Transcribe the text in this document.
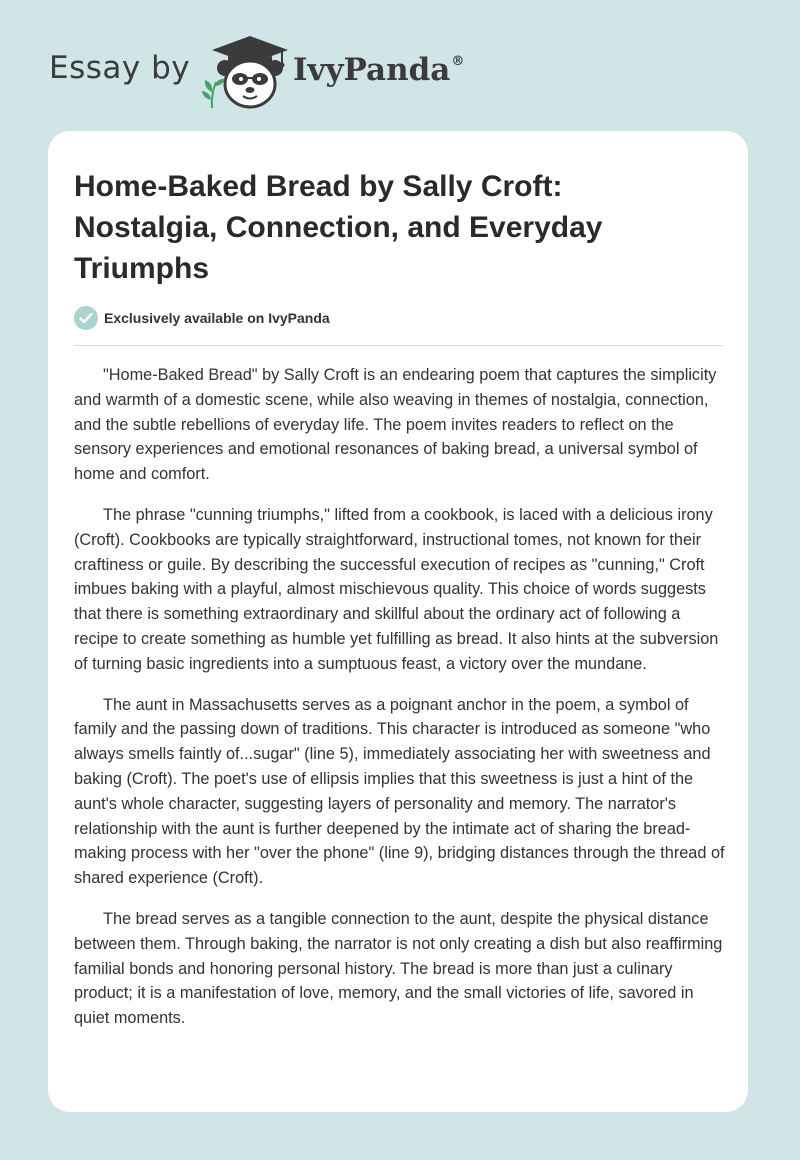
Essay by	IvyPanda®
Home-Baked Bread by Sally Croft: Nostalgia, Connection, and Everyday Triumphs
Exclusively available on IvyPanda

"Home-Baked Bread" by Sally Croft is an endearing poem that captures the simplicity and warmth of a domestic scene, while also weaving in themes of nostalgia, connection, and the subtle rebellions of everyday life. The poem invites readers to reflect on the sensory experiences and emotional resonances of baking bread, a universal symbol of home and comfort.

The phrase "cunning triumphs," lifted from a cookbook, is laced with a delicious irony (Croft). Cookbooks are typically straightforward, instructional tomes, not known for their craftiness or guile. By describing the successful execution of recipes as "cunning," Croft imbues baking with a playful, almost mischievous quality. This choice of words suggests that there is something extraordinary and skillful about the ordinary act of following a recipe to create something as humble yet fulfilling as bread. It also hints at the subversion of turning basic ingredients into a sumptuous feast, a victory over the mundane.

The aunt in Massachusetts serves as a poignant anchor in the poem, a symbol of family and the passing down of traditions. This character is introduced as someone "who always smells faintly of...sugar" (line 5), immediately associating her with sweetness and baking (Croft). The poet's use of ellipsis implies that this sweetness is just a hint of the aunt's whole character, suggesting layers of personality and memory. The narrator's relationship with the aunt is further deepened by the intimate act of sharing the bread-making process with her "over the phone" (line 9), bridging distances through the thread of shared experience (Croft).

The bread serves as a tangible connection to the aunt, despite the physical distance between them. Through baking, the narrator is not only creating a dish but also reaffirming familial bonds and honoring personal history. The bread is more than just a culinary product; it is a manifestation of love, memory, and the small victories of life, savored in quiet moments.
